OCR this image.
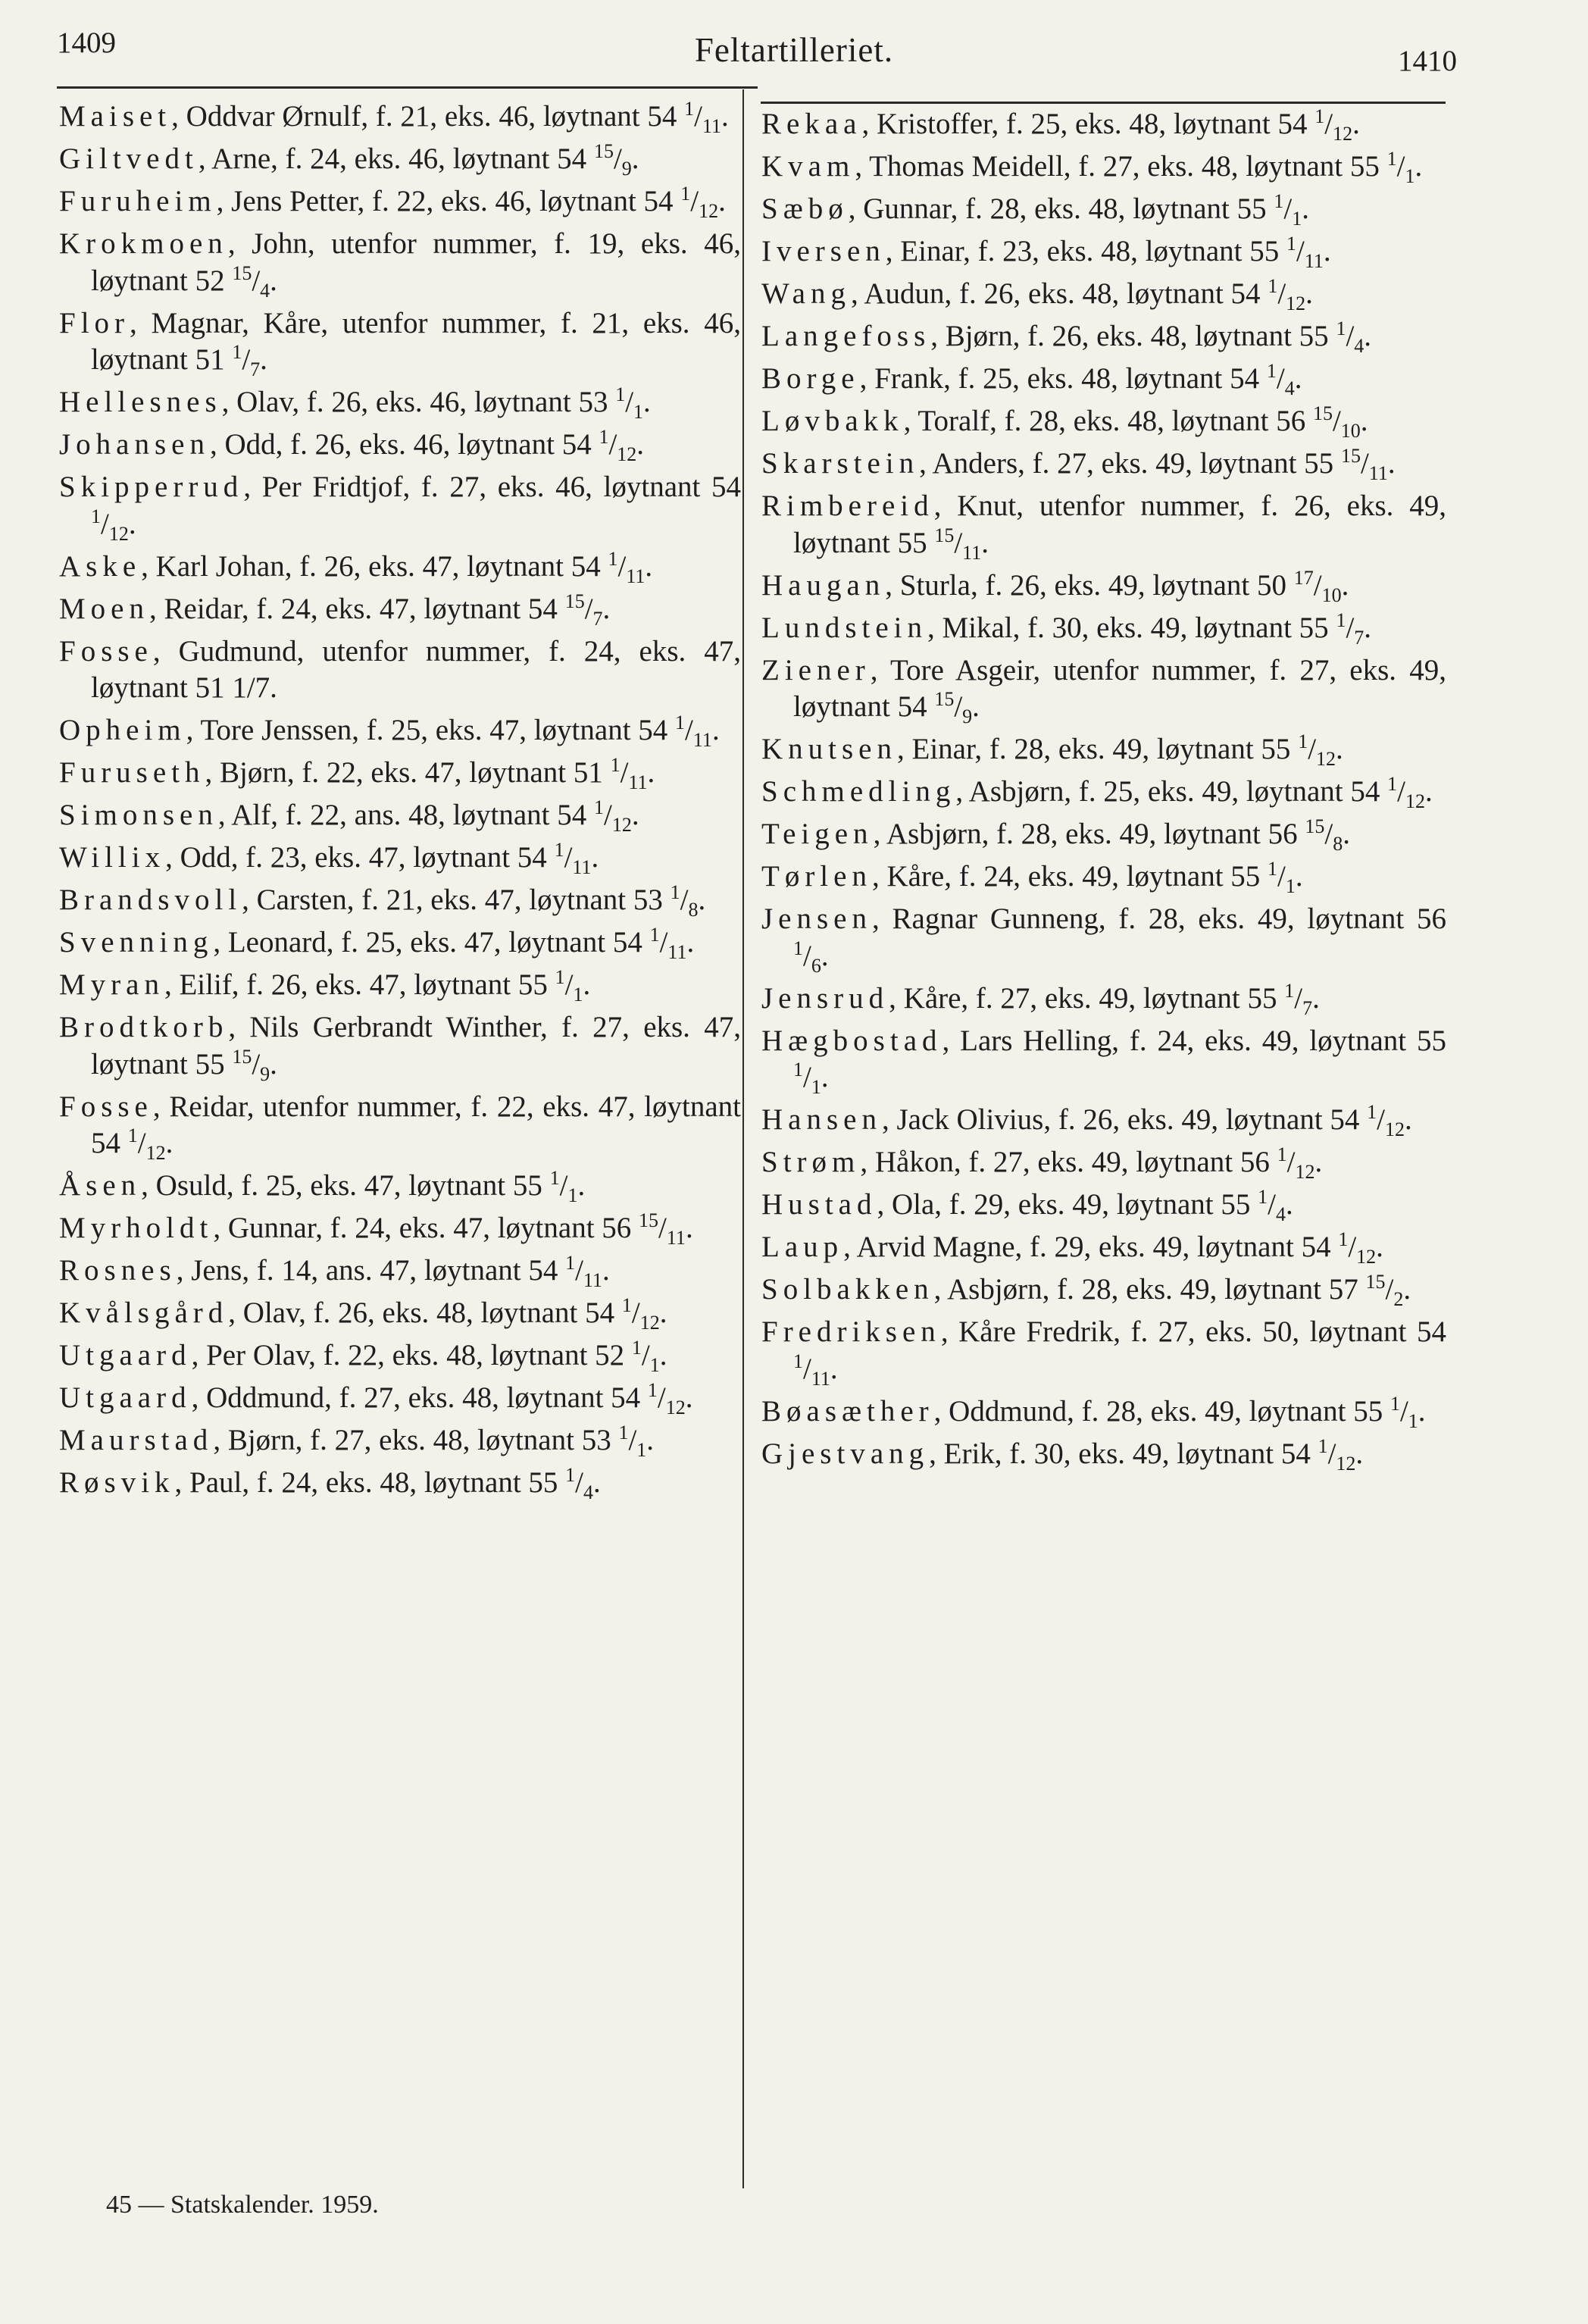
1409	Feltartilleriet.	1410

Maiset, Oddvar Ørnulf, f. 21, eks. 46, løytnant 54 $^1/_{11}$.

Giltvedt, Arne, f. 24, eks. 46, løytnant 54 $^{15}/_9$.

Furuheim, Jens Petter, f. 22, eks. 46, løytnant 54 $^1/_{12}$.

Krokmoen, John, utenfor nummer, f. 19, eks. 46, løytnant 52 $^{15}/_4$.

Flor, Magnar, Kåre, utenfor nummer, f. 21, eks. 46, løytnant 51 $^1/_7$.

Hellesnes, Olav, f. 26, eks. 46, løytnant 53 $^1/_1$.

Johansen, Odd, f. 26, eks. 46, løytnant 54 $^1/_{12}$.

Skipperrud, Per Fridtjof, f. 27, eks. 46, løytnant 54 $^1/_{12}$.

Aske, Karl Johan, f. 26, eks. 47, løytnant 54 $^1/_{11}$.

Moen, Reidar, f. 24, eks. 47, løytnant 54 $^{15}/_7$.

Fosse, Gudmund, utenfor nummer, f. 24, eks. 47, løytnant 51 1/7.

Opheim, Tore Jenssen, f. 25, eks. 47, løytnant 54 $^1/_{11}$.

Furuseth, Bjørn, f. 22, eks. 47, løytnant 51 $^1/_{11}$.

Simonsen, Alf, f. 22, ans. 48, løytnant 54 $^1/_{12}$.

Willix, Odd, f. 23, eks. 47, løytnant 54 $^1/_{11}$.

Brandsvoll, Carsten, f. 21, eks. 47, løytnant 53 $^1/_8$.

Svenning, Leonard, f. 25, eks. 47, løytnant 54 $^1/_{11}$.

Myran, Eilif, f. 26, eks. 47, løytnant 55 $^1/_1$.

Brodtkorb, Nils Gerbrandt Winther, f. 27, eks. 47, løytnant 55 $^{15}/_9$.

Fosse, Reidar, utenfor nummer, f. 22, eks. 47, løytnant 54 $^1/_{12}$.

Åsen, Osuld, f. 25, eks. 47, løytnant 55 $^1/_1$.

Myrholdt, Gunnar, f. 24, eks. 47, løytnant 56 $^{15}/_{11}$.

Rosnes, Jens, f. 14, ans. 47, løytnant 54 $^1/_{11}$.

Kvålsgård, Olav, f. 26, eks. 48, løytnant 54 $^1/_{12}$.

Utgaard, Per Olav, f. 22, eks. 48, løytnant 52 $^1/_1$.

Utgaard, Oddmund, f. 27, eks. 48, løytnant 54 $^1/_{12}$.

Maurstad, Bjørn, f. 27, eks. 48, løytnant 53 $^1/_1$.

Røsvik, Paul, f. 24, eks. 48, løytnant 55 $^1/_4$.

Rekaa, Kristoffer, f. 25, eks. 48, løytnant 54 $^1/_{12}$.

Kvam, Thomas Meidell, f. 27, eks. 48, løytnant 55 $^1/_1$.

Sæbø, Gunnar, f. 28, eks. 48, løytnant 55 $^1/_1$.

Iversen, Einar, f. 23, eks. 48, løytnant 55 $^1/_{11}$.

Wang, Audun, f. 26, eks. 48, løytnant 54 $^1/_{12}$.

Langefoss, Bjørn, f. 26, eks. 48, løytnant 55 $^1/_4$.

Borge, Frank, f. 25, eks. 48, løytnant 54 $^1/_4$.

Løvbakk, Toralf, f. 28, eks. 48, løytnant 56 $^{15}/_{10}$.

Skarstein, Anders, f. 27, eks. 49, løytnant 55 $^{15}/_{11}$.

Rimbereid, Knut, utenfor nummer, f. 26, eks. 49, løytnant 55 $^{15}/_{11}$.

Haugan, Sturla, f. 26, eks. 49, løytnant 50 $^{17}/_{10}$.

Lundstein, Mikal, f. 30, eks. 49, løytnant 55 $^1/_7$.

Ziener, Tore Asgeir, utenfor nummer, f. 27, eks. 49, løytnant 54 $^{15}/_9$.

Knutsen, Einar, f. 28, eks. 49, løytnant 55 $^1/_{12}$.

Schmedling, Asbjørn, f. 25, eks. 49, løytnant 54 $^1/_{12}$.

Teigen, Asbjørn, f. 28, eks. 49, løytnant 56 $^{15}/_8$.

Tørlen, Kåre, f. 24, eks. 49, løytnant 55 $^1/_1$.

Jensen, Ragnar Gunneng, f. 28, eks. 49, løytnant 56 $^1/_6$.

Jensrud, Kåre, f. 27, eks. 49, løytnant 55 $^1/_7$.

Hægbostad, Lars Helling, f. 24, eks. 49, løytnant 55 $^1/_1$.

Hansen, Jack Olivius, f. 26, eks. 49, løytnant 54 $^1/_{12}$.

Strøm, Håkon, f. 27, eks. 49, løytnant 56 $^1/_{12}$.

Hustad, Ola, f. 29, eks. 49, løytnant 55 $^1/_4$.

Laup, Arvid Magne, f. 29, eks. 49, løytnant 54 $^1/_{12}$.

Solbakken, Asbjørn, f. 28, eks. 49, løytnant 57 $^{15}/_2$.

Fredriksen, Kåre Fredrik, f. 27, eks. 50, løytnant 54 $^1/_{11}$.

Bøasæther, Oddmund, f. 28, eks. 49, løytnant 55 $^1/_1$.

Gjestvang, Erik, f. 30, eks. 49, løytnant 54 $^1/_{12}$.

45 — Statskalender. 1959.
